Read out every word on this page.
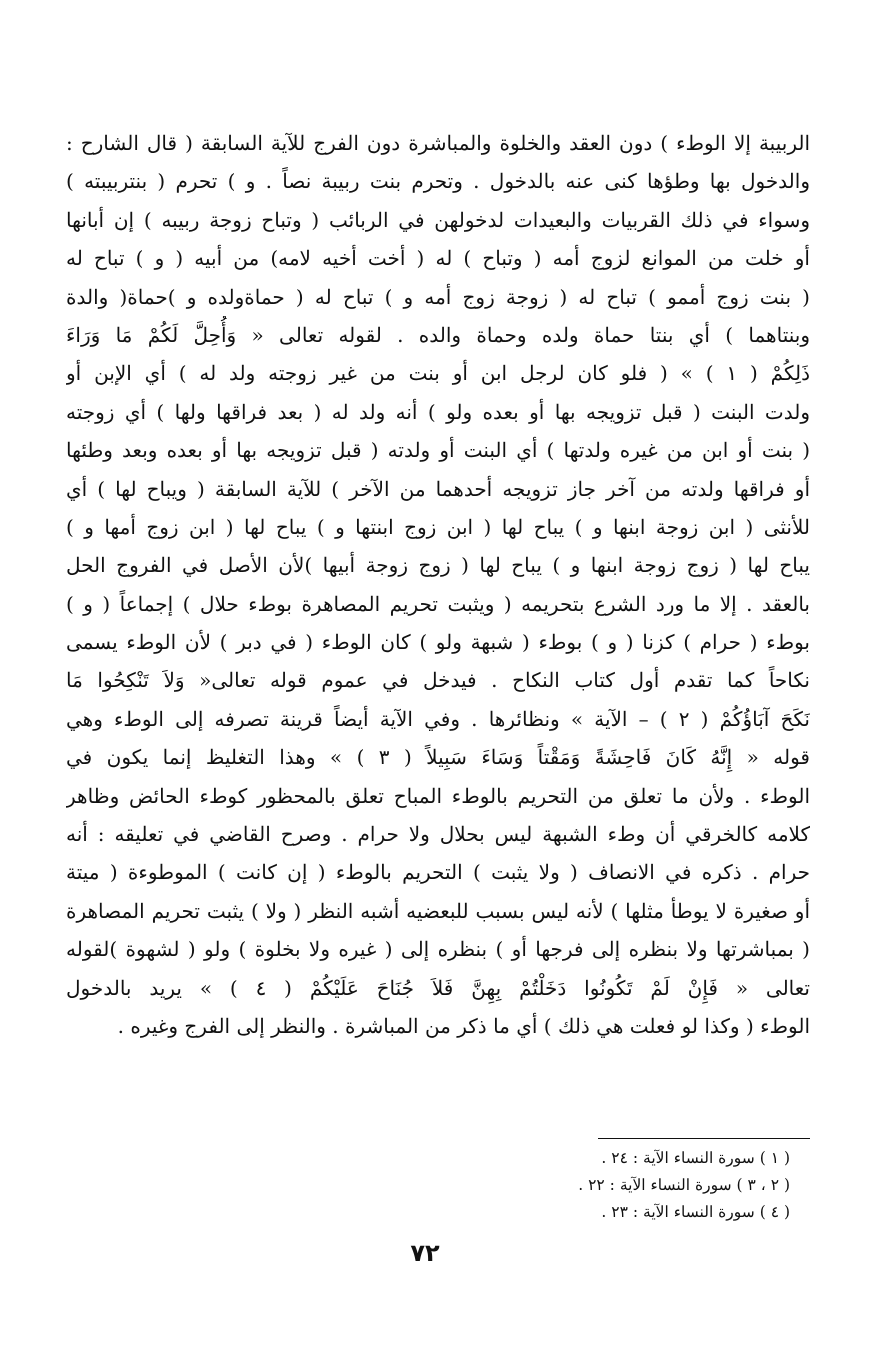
الربيبة إلا الوطء ) دون العقد والخلوة والمباشرة دون الفرج للآية السابقة ( قال الشارح :
والدخول بها وطؤها كنى عنه بالدخول . وتحرم بنت ربيبة نصاً . و ) تحرم ( بنتربيبته )
وسواء في ذلك القربيات والبعيدات لدخولهن في الربائب ( وتباح زوجة ربيبه ) إن أبانها
أو خلت من الموانع لزوج أمه ( وتباح ) له ( أخت أخيه لامه) من أبيه ( و ) تباح له
( بنت زوج أممو ) تباح له ( زوجة زوج أمه و ) تباح له ( حماةولده و )حماة( والدة
وبنتاهما ) أي بنتا حماة ولده وحماة والده . لقوله تعالى « وَأُحِلَّ لَكُمْ مَا وَرَاءَ
ذَلِكُمْ ( ١ ) » ( فلو كان لرجل ابن أو بنت من غير زوجته ولد له ) أي الإبن أو
ولدت البنت ( قبل تزويجه بها أو بعده ولو ) أنه ولد له ( بعد فراقها ولها ) أي زوجته
( بنت أو ابن من غيره ولدتها ) أي البنت أو ولدته ( قبل تزويجه بها أو بعده وبعد وطئها
أو فراقها ولدته من آخر جاز تزويجه أحدهما من الآخر ) للآية السابقة ( ويباح لها ) أي
للأنثى ( ابن زوجة ابنها و ) يباح لها ( ابن زوج ابنتها و ) يباح لها ( ابن زوج أمها و )
يباح لها ( زوج زوجة ابنها و ) يباح لها ( زوج زوجة أبيها )لأن الأصل في الفروج الحل
بالعقد . إلا ما ورد الشرع بتحريمه ( ويثبت تحريم المصاهرة بوطء حلال ) إجماعاً ( و )
بوطء ( حرام ) كزنا ( و ) بوطء ( شبهة ولو ) كان الوطء ( في دبر ) لأن الوطء يسمى
نكاحاً كما تقدم أول كتاب النكاح . فيدخل في عموم قوله تعالى« وَلاَ تَنْكِحُوا مَا
نَكَحَ آبَاؤُكُمْ ( ٢ ) – الآية » ونظائرها . وفي الآية أيضاً قرينة تصرفه إلى الوطء وهي
قوله « إِنَّهُ كَانَ فَاحِشَةً وَمَقْتاً وَسَاءَ سَبِيلاً ( ٣ ) » وهذا التغليظ إنما يكون في
الوطء . ولأن ما تعلق من التحريم بالوطء المباح تعلق بالمحظور كوطء الحائض وظاهر
كلامه كالخرقي أن وطء الشبهة ليس بحلال ولا حرام . وصرح القاضي في تعليقه : أنه
حرام . ذكره في الانصاف ( ولا يثبت ) التحريم بالوطء ( إن كانت ) الموطوءة ( ميتة
أو صغيرة لا يوطأ مثلها ) لأنه ليس بسبب للبعضيه أشبه النظر ( ولا ) يثبت تحريم المصاهرة
( بمباشرتها ولا بنظره إلى فرجها أو ) بنظره إلى ( غيره ولا بخلوة ) ولو ( لشهوة )لقوله
تعالى « فَإِنْ لَمْ تَكُونُوا دَخَلْتُمْ بِهِنَّ فَلاَ جُنَاحَ عَلَيْكُمْ ( ٤ ) » يريد بالدخول
الوطء ( وكذا لو فعلت هي ذلك ) أي ما ذكر من المباشرة . والنظر إلى الفرج وغيره .
( ١ ) سورة النساء الآية : ٢٤ .
( ٢ ، ٣ ) سورة النساء الآية : ٢٢ .
( ٤ ) سورة النساء الآية : ٢٣ .
٧٢
